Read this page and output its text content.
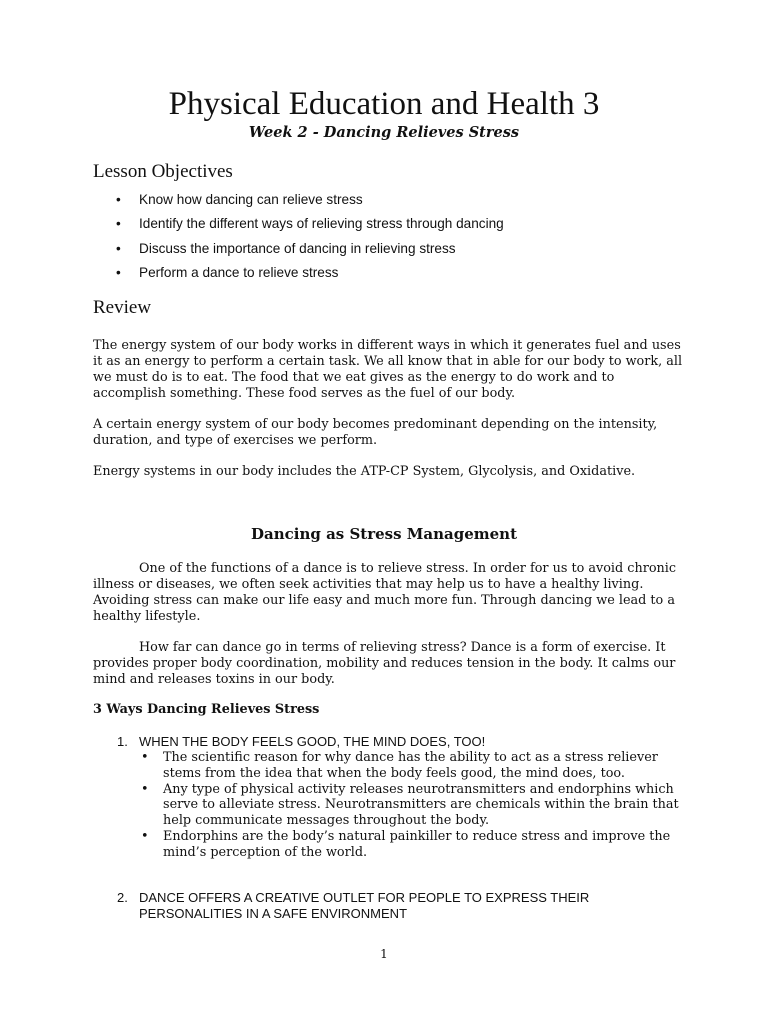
Physical Education and Health 3
Week 2 - Dancing Relieves Stress
Lesson Objectives
• Know how dancing can relieve stress
• Identify the different ways of relieving stress through dancing
• Discuss the importance of dancing in relieving stress
• Perform a dance to relieve stress
Review

The energy system of our body works in different ways in which it generates fuel and uses it as an energy to perform a certain task. We all know that in able for our body to work, all we must do is to eat. The food that we eat gives as the energy to do work and to accomplish something. These food serves as the fuel of our body.

A certain energy system of our body becomes predominant depending on the intensity, duration, and type of exercises we perform.

Energy systems in our body includes the ATP-CP System, Glycolysis, and Oxidative.

Dancing as Stress Management

One of the functions of a dance is to relieve stress. In order for us to avoid chronic illness or diseases, we often seek activities that may help us to have a healthy living. Avoiding stress can make our life easy and much more fun. Through dancing we lead to a healthy lifestyle.

How far can dance go in terms of relieving stress? Dance is a form of exercise. It provides proper body coordination, mobility and reduces tension in the body. It calms our mind and releases toxins in our body.

3 Ways Dancing Relieves Stress
1. WHEN THE BODY FEELS GOOD, THE MIND DOES, TOO!
• The scientific reason for why dance has the ability to act as a stress reliever stems from the idea that when the body feels good, the mind does, too.
• Any type of physical activity releases neurotransmitters and endorphins which serve to alleviate stress. Neurotransmitters are chemicals within the brain that help communicate messages throughout the body.
• Endorphins are the body’s natural painkiller to reduce stress and improve the mind’s perception of the world.
2. DANCE OFFERS A CREATIVE OUTLET FOR PEOPLE TO EXPRESS THEIR PERSONALITIES IN A SAFE ENVIRONMENT
1
